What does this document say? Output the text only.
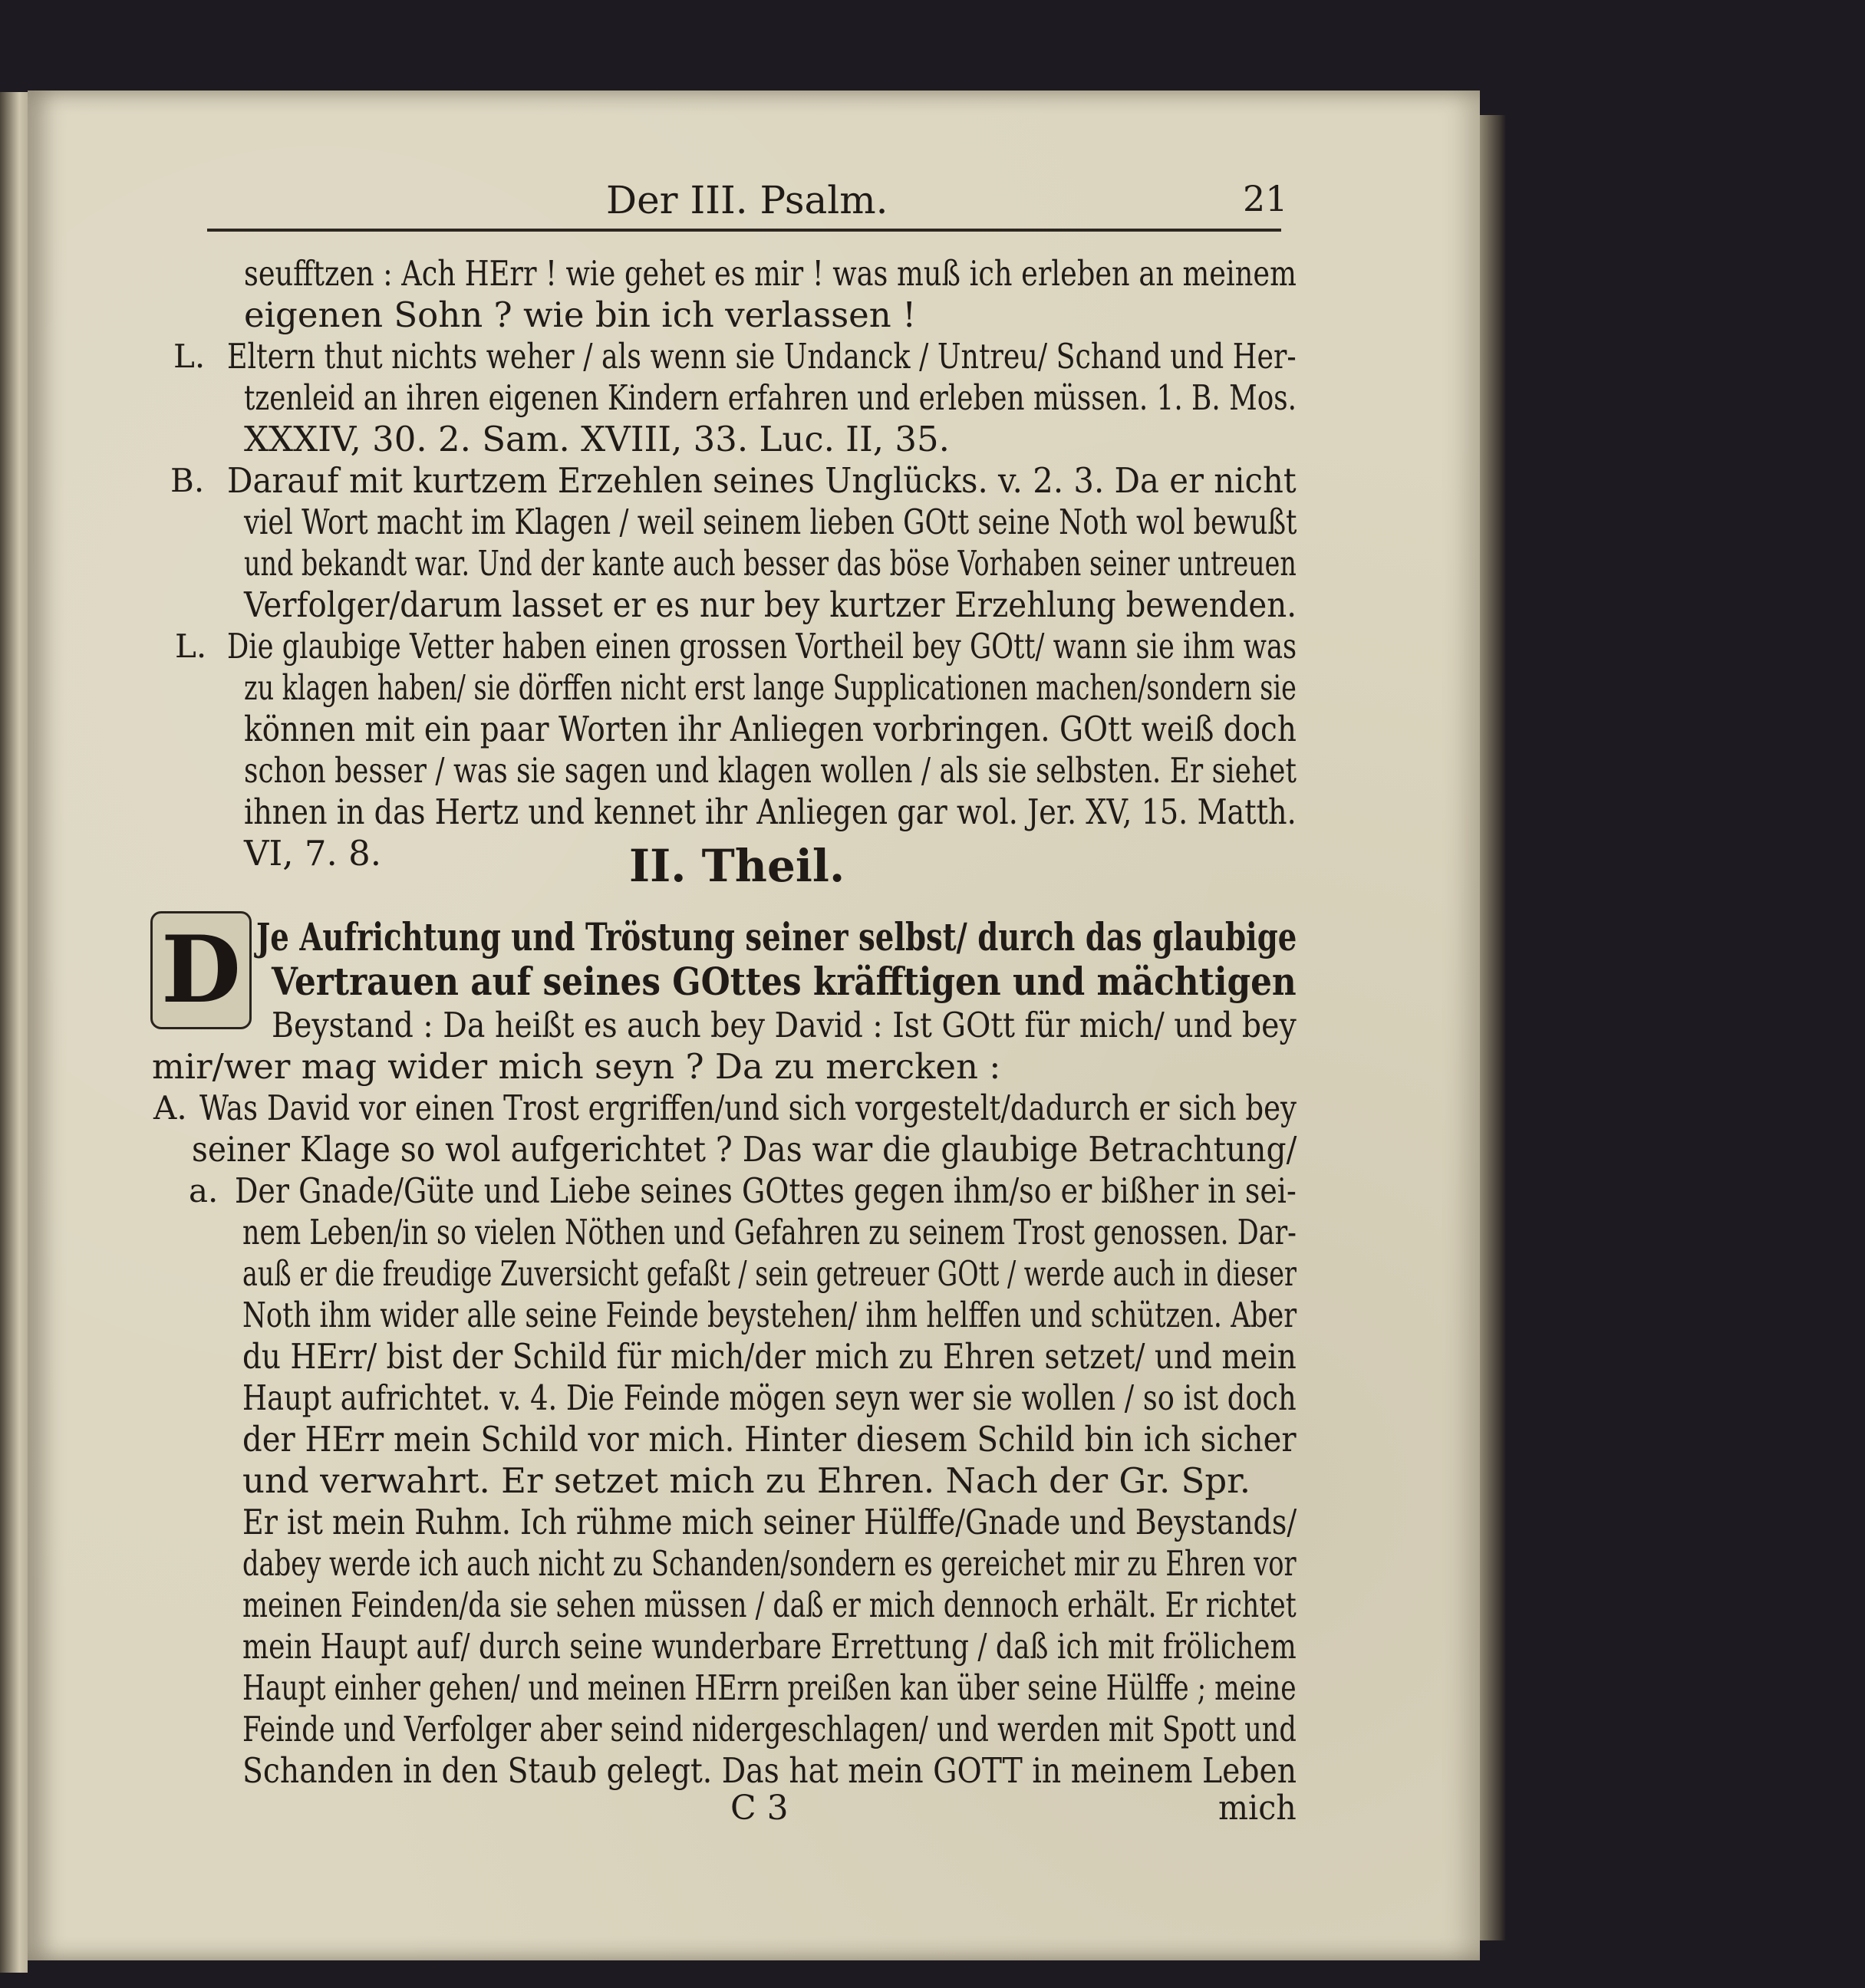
Der III. Psalm.	21

seufftzen : Ach HErr ! wie gehet es mir ! was muß ich erleben an meinem

eigenen Sohn ? wie bin ich verlassen !

Eltern thut nichts weher / als wenn sie Undanck / Untreu/ Schand und Her-

tzenleid an ihren eigenen Kindern erfahren und erleben müssen. 1. B. Mos.

XXXIV, 30. 2. Sam. XVIII, 33. Luc. II, 35.

Darauf mit kurtzem Erzehlen seines Unglücks. v. 2. 3. Da er nicht

viel Wort macht im Klagen / weil seinem lieben GOtt seine Noth wol bewußt

und bekandt war. Und der kante auch besser das böse Vorhaben seiner untreuen

Verfolger/darum lasset er es nur bey kurtzer Erzehlung bewenden.

Die glaubige Vetter haben einen grossen Vortheil bey GOtt/ wann sie ihm was

zu klagen haben/ sie dörffen nicht erst lange Supplicationen machen/sondern sie

können mit ein paar Worten ihr Anliegen vorbringen. GOtt weiß doch

schon besser / was sie sagen und klagen wollen / als sie selbsten. Er siehet

ihnen in das Hertz und kennet ihr Anliegen gar wol. Jer. XV, 15. Matth.

VI, 7. 8.

L.
B.
L.

II. Theil.

D Je Aufrichtung und Tröstung seiner selbst/ durch das glaubige

Vertrauen auf seines GOttes kräfftigen und mächtigen

Beystand : Da heißt es auch bey David : Ist GOtt für mich/ und bey

mir/wer mag wider mich seyn ? Da zu mercken :

A.
a.

Was David vor einen Trost ergriffen/und sich vorgestelt/dadurch er sich bey

seiner Klage so wol aufgerichtet ? Das war die glaubige Betrachtung/

Der Gnade/Güte und Liebe seines GOttes gegen ihm/so er bißher in sei-

nem Leben/in so vielen Nöthen und Gefahren zu seinem Trost genossen. Dar-

auß er die freudige Zuversicht gefaßt / sein getreuer GOtt / werde auch in dieser

Noth ihm wider alle seine Feinde beystehen/ ihm helffen und schützen. Aber

du HErr/ bist der Schild für mich/der mich zu Ehren setzet/ und mein

Haupt aufrichtet. v. 4. Die Feinde mögen seyn wer sie wollen / so ist doch

der HErr mein Schild vor mich. Hinter diesem Schild bin ich sicher

und verwahrt. Er setzet mich zu Ehren. Nach der Gr. Spr.

Er ist mein Ruhm. Ich rühme mich seiner Hülffe/Gnade und Beystands/

dabey werde ich auch nicht zu Schanden/sondern es gereichet mir zu Ehren vor

meinen Feinden/da sie sehen müssen / daß er mich dennoch erhält. Er richtet

mein Haupt auf/ durch seine wunderbare Errettung / daß ich mit frölichem

Haupt einher gehen/ und meinen HErrn preißen kan über seine Hülffe ; meine

Feinde und Verfolger aber seind nidergeschlagen/ und werden mit Spott und

Schanden in den Staub gelegt. Das hat mein GOTT in meinem Leben

C 3	mich
